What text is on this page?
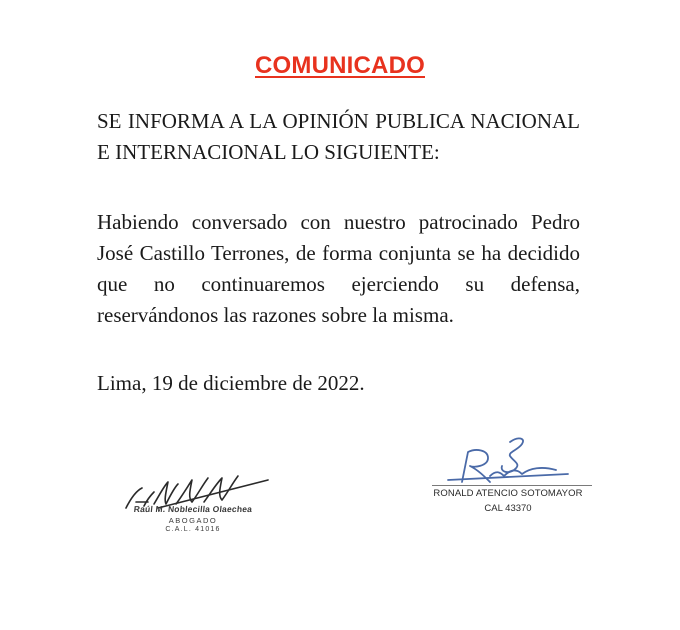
COMUNICADO
SE INFORMA A LA OPINIÓN PUBLICA NACIONAL E INTERNACIONAL LO SIGUIENTE:
Habiendo conversado con nuestro patrocinado Pedro José Castillo Terrones, de forma conjunta se ha decidido que no continuaremos ejerciendo su defensa, reservándonos las razones sobre la misma.
Lima, 19 de diciembre de 2022.
Raúl M. Noblecilla Olaechea
ABOGADO
C.A.L. 41016
RONALD ATENCIO SOTOMAYOR
CAL 43370
